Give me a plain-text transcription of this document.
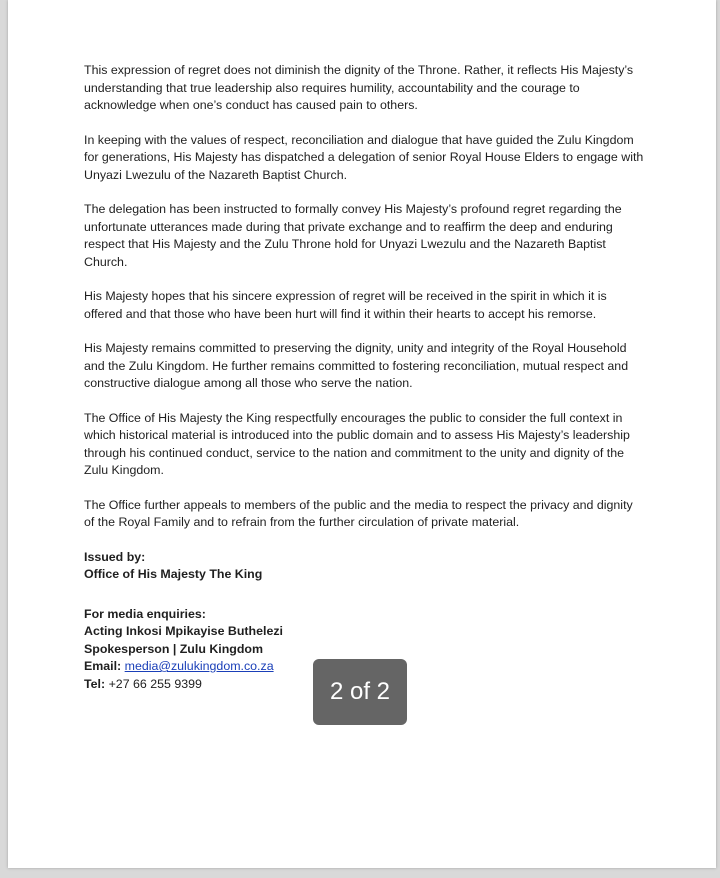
This expression of regret does not diminish the dignity of the Throne. Rather, it reflects His Majesty’s understanding that true leadership also requires humility, accountability and the courage to acknowledge when one’s conduct has caused pain to others.

In keeping with the values of respect, reconciliation and dialogue that have guided the Zulu Kingdom for generations, His Majesty has dispatched a delegation of senior Royal House Elders to engage with Unyazi Lwezulu of the Nazareth Baptist Church.

The delegation has been instructed to formally convey His Majesty’s profound regret regarding the unfortunate utterances made during that private exchange and to reaffirm the deep and enduring respect that His Majesty and the Zulu Throne hold for Unyazi Lwezulu and the Nazareth Baptist Church.

His Majesty hopes that his sincere expression of regret will be received in the spirit in which it is offered and that those who have been hurt will find it within their hearts to accept his remorse.

His Majesty remains committed to preserving the dignity, unity and integrity of the Royal Household and the Zulu Kingdom. He further remains committed to fostering reconciliation, mutual respect and constructive dialogue among all those who serve the nation.

The Office of His Majesty the King respectfully encourages the public to consider the full context in which historical material is introduced into the public domain and to assess His Majesty’s leadership through his continued conduct, service to the nation and commitment to the unity and dignity of the Zulu Kingdom.

The Office further appeals to members of the public and the media to respect the privacy and dignity of the Royal Family and to refrain from the further circulation of private material.

Issued by:
Office of His Majesty The King
For media enquiries:
Acting Inkosi Mpikayise Buthelezi
Spokesperson | Zulu Kingdom
Email: media@zulukingdom.co.za
Tel: +27 66 255 9399	2 of 2
